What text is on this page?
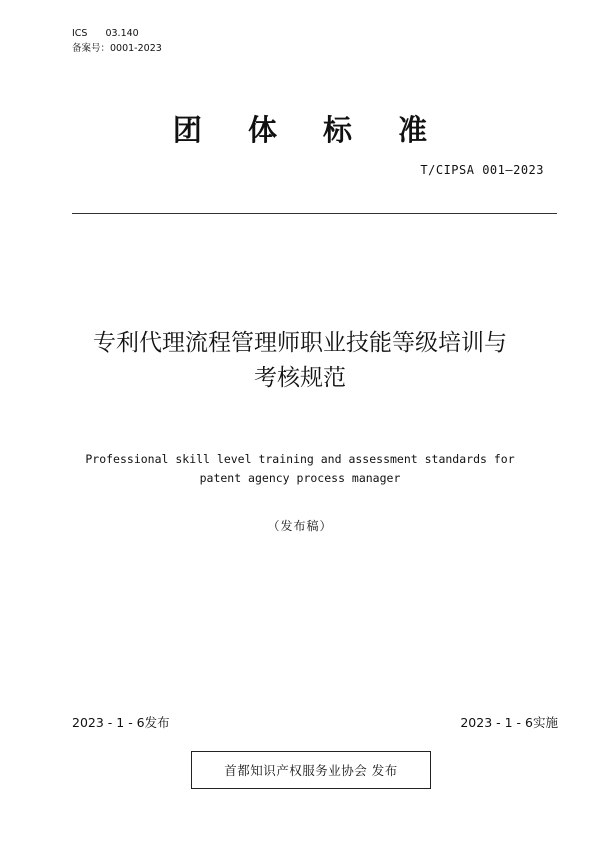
ICS 03.140
备案号：0001-2023
团 体 标 准
T/CIPSA 001—2023
专利代理流程管理师职业技能等级培训与
考核规范
Professional skill level training and assessment standards for
patent agency process manager
（发布稿）
2023 - 1 - 6发布	2023 - 1 - 6实施
首都知识产权服务业协会 发布
